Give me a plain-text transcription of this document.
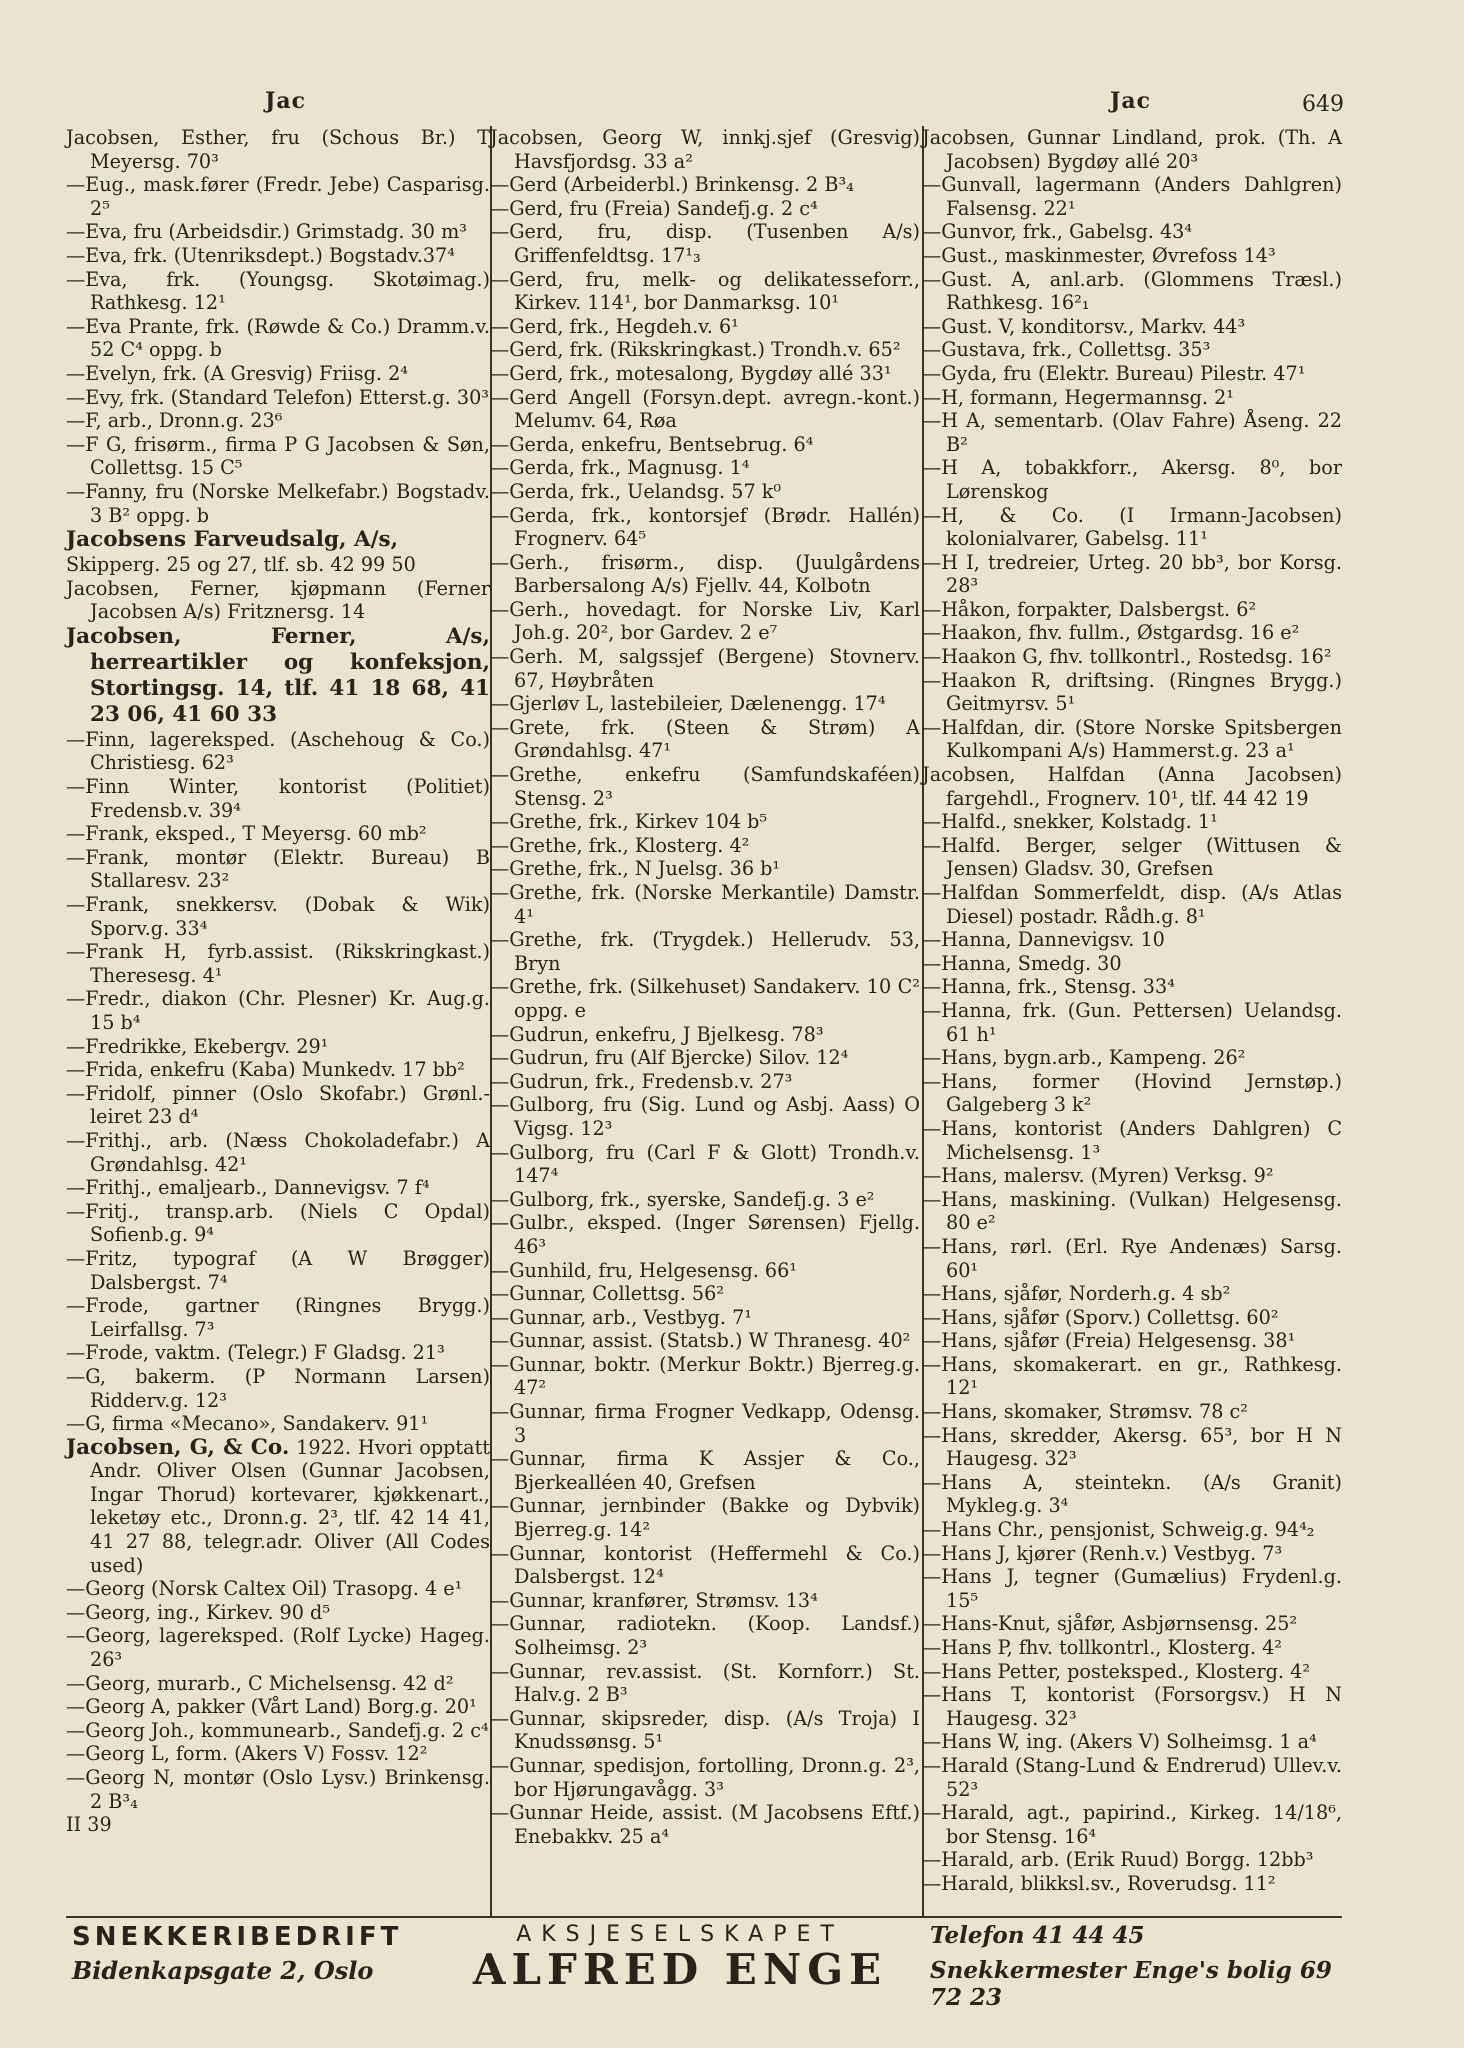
Jac	Jac	649

Jacobsen, Esther, fru (Schous Br.) T Meyersg. 70³

—Eug., mask.fører (Fredr. Jebe) Casparisg. 2⁵

—Eva, fru (Arbeidsdir.) Grimstadg. 30 m³

—Eva, frk. (Utenriksdept.) Bogstadv.37⁴

—Eva, frk. (Youngsg. Skotøimag.) Rathkesg. 12¹

—Eva Prante, frk. (Røwde & Co.) Dramm.v. 52 C⁴ oppg. b

—Evelyn, frk. (A Gresvig) Friisg. 2⁴

—Evy, frk. (Standard Telefon) Etterst.g. 30³

—F, arb., Dronn.g. 23⁶

—F G, frisørm., firma P G Jacobsen & Søn, Collettsg. 15 C⁵

—Fanny, fru (Norske Melkefabr.) Bogstadv. 3 B² oppg. b

Jacobsens Farveudsalg, A/s,

Skipperg. 25 og 27, tlf. sb. 42 99 50

Jacobsen, Ferner, kjøpmann (Ferner Jacobsen A/s) Fritznersg. 14

Jacobsen, Ferner, A/s, herreartikler og konfeksjon, Stortingsg. 14, tlf. 41 18 68, 41 23 06, 41 60 33

—Finn, lagereksped. (Aschehoug & Co.) Christiesg. 62³

—Finn Winter, kontorist (Politiet) Fredensb.v. 39⁴

—Frank, eksped., T Meyersg. 60 mb²

—Frank, montør (Elektr. Bureau) B Stallaresv. 23²

—Frank, snekkersv. (Dobak & Wik) Sporv.g. 33⁴

—Frank H, fyrb.assist. (Rikskringkast.) Theresesg. 4¹

—Fredr., diakon (Chr. Plesner) Kr. Aug.g. 15 b⁴

—Fredrikke, Ekebergv. 29¹

—Frida, enkefru (Kaba) Munkedv. 17 bb²

—Fridolf, pinner (Oslo Skofabr.) Grønl.-leiret 23 d⁴

—Frithj., arb. (Næss Chokoladefabr.) A Grøndahlsg. 42¹

—Frithj., emaljearb., Dannevigsv. 7 f⁴

—Fritj., transp.arb. (Niels C Opdal) Sofienb.g. 9⁴

—Fritz, typograf (A W Brøgger) Dalsbergst. 7⁴

—Frode, gartner (Ringnes Brygg.) Leirfallsg. 7³

—Frode, vaktm. (Telegr.) F Gladsg. 21³

—G, bakerm. (P Normann Larsen) Ridderv.g. 12³

—G, firma «Mecano», Sandakerv. 91¹

Jacobsen, G, & Co. 1922. Hvori opptatt Andr. Oliver Olsen (Gunnar Jacobsen, Ingar Thorud) kortevarer, kjøkkenart., leketøy etc., Dronn.g. 2³, tlf. 42 14 41, 41 27 88, telegr.adr. Oliver (All Codes used)

—Georg (Norsk Caltex Oil) Trasopg. 4 e¹

—Georg, ing., Kirkev. 90 d⁵

—Georg, lagereksped. (Rolf Lycke) Hageg. 26³

—Georg, murarb., C Michelsensg. 42 d²

—Georg A, pakker (Vårt Land) Borg.g. 20¹

—Georg Joh., kommunearb., Sandefj.g. 2 c⁴

—Georg L, form. (Akers V) Fossv. 12²

—Georg N, montør (Oslo Lysv.) Brinkensg. 2 B³₄

II 39

Jacobsen, Georg W, innkj.sjef (Gresvig) Havsfjordsg. 33 a²

—Gerd (Arbeiderbl.) Brinkensg. 2 B³₄

—Gerd, fru (Freia) Sandefj.g. 2 c⁴

—Gerd, fru, disp. (Tusenben A/s) Griffenfeldtsg. 17¹₃

—Gerd, fru, melk- og delikatesseforr., Kirkev. 114¹, bor Danmarksg. 10¹

—Gerd, frk., Hegdeh.v. 6¹

—Gerd, frk. (Rikskringkast.) Trondh.v. 65²

—Gerd, frk., motesalong, Bygdøy allé 33¹

—Gerd Angell (Forsyn.dept. avregn.-kont.) Melumv. 64, Røa

—Gerda, enkefru, Bentsebrug. 6⁴

—Gerda, frk., Magnusg. 1⁴

—Gerda, frk., Uelandsg. 57 k⁰

—Gerda, frk., kontorsjef (Brødr. Hallén) Frognerv. 64⁵

—Gerh., frisørm., disp. (Juulgårdens Barbersalong A/s) Fjellv. 44, Kolbotn

—Gerh., hovedagt. for Norske Liv, Karl Joh.g. 20², bor Gardev. 2 e⁷

—Gerh. M, salgssjef (Bergene) Stovnerv. 67, Høybråten

—Gjerløv L, lastebileier, Dælenengg. 17⁴

—Grete, frk. (Steen & Strøm) A Grøndahlsg. 47¹

—Grethe, enkefru (Samfundskaféen) Stensg. 2³

—Grethe, frk., Kirkev 104 b⁵

—Grethe, frk., Klosterg. 4²

—Grethe, frk., N Juelsg. 36 b¹

—Grethe, frk. (Norske Merkantile) Damstr. 4¹

—Grethe, frk. (Trygdek.) Hellerudv. 53, Bryn

—Grethe, frk. (Silkehuset) Sandakerv. 10 C² oppg. e

—Gudrun, enkefru, J Bjelkesg. 78³

—Gudrun, fru (Alf Bjercke) Silov. 12⁴

—Gudrun, frk., Fredensb.v. 27³

—Gulborg, fru (Sig. Lund og Asbj. Aass) O Vigsg. 12³

—Gulborg, fru (Carl F & Glott) Trondh.v. 147⁴

—Gulborg, frk., syerske, Sandefj.g. 3 e²

—Gulbr., eksped. (Inger Sørensen) Fjellg. 46³

—Gunhild, fru, Helgesensg. 66¹

—Gunnar, Collettsg. 56²

—Gunnar, arb., Vestbyg. 7¹

—Gunnar, assist. (Statsb.) W Thranesg. 40²

—Gunnar, boktr. (Merkur Boktr.) Bjerreg.g. 47²

—Gunnar, firma Frogner Vedkapp, Odensg. 3

—Gunnar, firma K Assjer & Co., Bjerkealléen 40, Grefsen

—Gunnar, jernbinder (Bakke og Dybvik) Bjerreg.g. 14²

—Gunnar, kontorist (Heffermehl & Co.) Dalsbergst. 12⁴

—Gunnar, kranfører, Strømsv. 13⁴

—Gunnar, radiotekn. (Koop. Landsf.) Solheimsg. 2³

—Gunnar, rev.assist. (St. Kornforr.) St. Halv.g. 2 B³

—Gunnar, skipsreder, disp. (A/s Troja) I Knudssønsg. 5¹

—Gunnar, spedisjon, fortolling, Dronn.g. 2³, bor Hjørungavågg. 3³

—Gunnar Heide, assist. (M Jacobsens Eftf.) Enebakkv. 25 a⁴

Jacobsen, Gunnar Lindland, prok. (Th. A Jacobsen) Bygdøy allé 20³

—Gunvall, lagermann (Anders Dahlgren) Falsensg. 22¹

—Gunvor, frk., Gabelsg. 43⁴

—Gust., maskinmester, Øvrefoss 14³

—Gust. A, anl.arb. (Glommens Træsl.) Rathkesg. 16²₁

—Gust. V, konditorsv., Markv. 44³

—Gustava, frk., Collettsg. 35³

—Gyda, fru (Elektr. Bureau) Pilestr. 47¹

—H, formann, Hegermannsg. 2¹

—H A, sementarb. (Olav Fahre) Åseng. 22 B²

—H A, tobakkforr., Akersg. 8⁰, bor Lørenskog

—H, & Co. (I Irmann-Jacobsen) kolonialvarer, Gabelsg. 11¹

—H I, tredreier, Urteg. 20 bb³, bor Korsg. 28³

—Håkon, forpakter, Dalsbergst. 6²

—Haakon, fhv. fullm., Østgardsg. 16 e²

—Haakon G, fhv. tollkontrl., Rostedsg. 16²

—Haakon R, driftsing. (Ringnes Brygg.) Geitmyrsv. 5¹

—Halfdan, dir. (Store Norske Spitsbergen Kulkompani A/s) Hammerst.g. 23 a¹

Jacobsen, Halfdan (Anna Jacobsen) fargehdl., Frognerv. 10¹, tlf. 44 42 19

—Halfd., snekker, Kolstadg. 1¹

—Halfd. Berger, selger (Wittusen & Jensen) Gladsv. 30, Grefsen

—Halfdan Sommerfeldt, disp. (A/s Atlas Diesel) postadr. Rådh.g. 8¹

—Hanna, Dannevigsv. 10

—Hanna, Smedg. 30

—Hanna, frk., Stensg. 33⁴

—Hanna, frk. (Gun. Pettersen) Uelandsg. 61 h¹

—Hans, bygn.arb., Kampeng. 26²

—Hans, former (Hovind Jernstøp.) Galgeberg 3 k²

—Hans, kontorist (Anders Dahlgren) C Michelsensg. 1³

—Hans, malersv. (Myren) Verksg. 9²

—Hans, maskining. (Vulkan) Helgesensg. 80 e²

—Hans, rørl. (Erl. Rye Andenæs) Sarsg. 60¹

—Hans, sjåfør, Norderh.g. 4 sb²

—Hans, sjåfør (Sporv.) Collettsg. 60²

—Hans, sjåfør (Freia) Helgesensg. 38¹

—Hans, skomakerart. en gr., Rathkesg. 12¹

—Hans, skomaker, Strømsv. 78 c²

—Hans, skredder, Akersg. 65³, bor H N Haugesg. 32³

—Hans A, steintekn. (A/s Granit) Mykleg.g. 3⁴

—Hans Chr., pensjonist, Schweig.g. 94⁴₂

—Hans J, kjører (Renh.v.) Vestbyg. 7³

—Hans J, tegner (Gumælius) Frydenl.g. 15⁵

—Hans-Knut, sjåfør, Asbjørnsensg. 25²

—Hans P, fhv. tollkontrl., Klosterg. 4²

—Hans Petter, posteksped., Klosterg. 4²

—Hans T, kontorist (Forsorgsv.) H N Haugesg. 32³

—Hans W, ing. (Akers V) Solheimsg. 1 a⁴

—Harald (Stang-Lund & Endrerud) Ullev.v. 52³

—Harald, agt., papirind., Kirkeg. 14/18⁶, bor Stensg. 16⁴

—Harald, arb. (Erik Ruud) Borgg. 12bb³

—Harald, blikksl.sv., Roverudsg. 11²

SNEKKERIBEDRIFT
Bidenkapsgate 2, Oslo
AKSJESELSKAPET
ALFRED ENGE
Telefon 41 44 45
Snekkermester Enge's bolig 69 72 23
